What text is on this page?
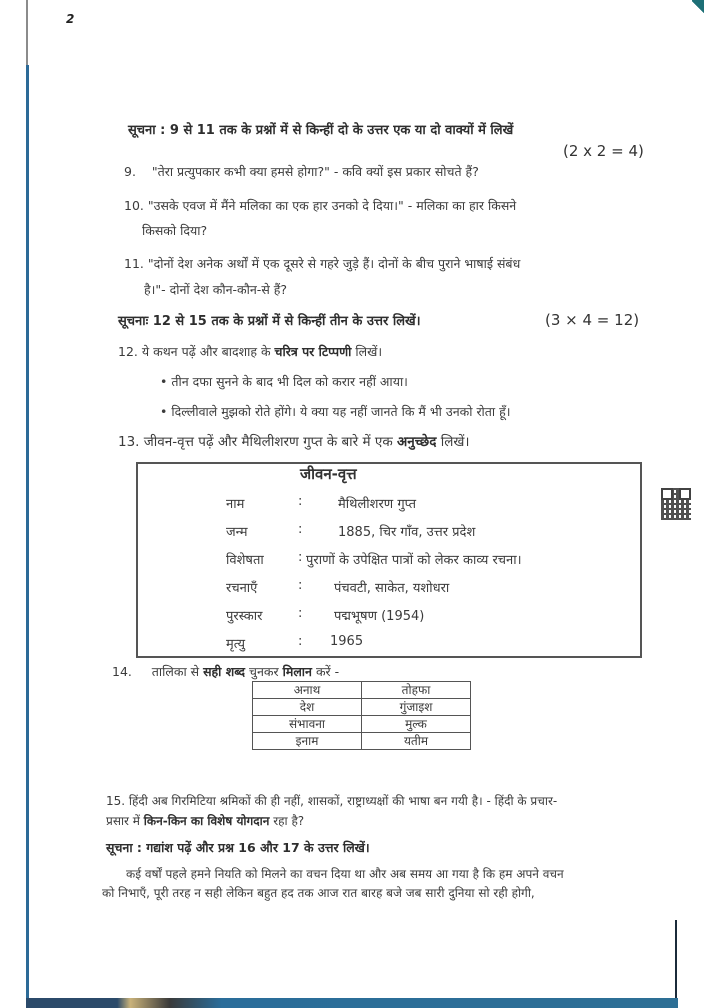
2
सूचना : 9 से 11 तक के प्रश्नों में से किन्हीं दो के उत्तर एक या दो वाक्यों में लिखें
(2 x 2 = 4)
9. "तेरा प्रत्युपकार कभी क्या हमसे होगा?" - कवि क्यों इस प्रकार सोचते हैं?
10. "उसके एवज में मैंने मलिका का एक हार उनको दे दिया।" - मलिका का हार किसने
किसको दिया?
11. "दोनों देश अनेक अर्थों में एक दूसरे से गहरे जुड़े हैं। दोनों के बीच पुराने भाषाई संबंध
है।"- दोनों देश कौन-कौन-से हैं?
सूचनाः 12 से 15 तक के प्रश्नों में से किन्हीं तीन के उत्तर लिखें।	(3 × 4 = 12)
12. ये कथन पढ़ें और बादशाह के चरित्र पर टिप्पणी लिखें।
• तीन दफा सुनने के बाद भी दिल को करार नहीं आया।
• दिल्लीवाले मुझको रोते होंगे। ये क्या यह नहीं जानते कि मैं भी उनको रोता हूँ।
13. जीवन-वृत्त पढ़ें और मैथिलीशरण गुप्त के बारे में एक अनुच्छेद लिखें।
जीवन-वृत्त
नाम	:	मैथिलीशरण गुप्त
जन्म	:	1885, चिर गाँव, उत्तर प्रदेश
विशेषता	: पुराणों के उपेक्षित पात्रों को लेकर काव्य रचना।
रचनाएँ	: पंचवटी, साकेत, यशोधरा
पुरस्कार	: पद्मभूषण (1954)
मृत्यु	: 1965
14. तालिका से सही शब्द चुनकर मिलान करें -
अनाथ	तोहफा
देश	गुंजाइश
संभावना	मुल्क
इनाम	यतीम
15. हिंदी अब गिरमिटिया श्रमिकों की ही नहीं, शासकों, राष्ट्राध्यक्षों की भाषा बन गयी है। - हिंदी के प्रचार-
प्रसार में किन-किन का विशेष योगदान रहा है?
सूचना : गद्यांश पढ़ें और प्रश्न 16 और 17 के उत्तर लिखें।
कई वर्षों पहले हमने नियति को मिलने का वचन दिया था और अब समय आ गया है कि हम अपने वचन
को निभाएँ, पूरी तरह न सही लेकिन बहुत हद तक आज रात बारह बजे जब सारी दुनिया सो रही होगी,
